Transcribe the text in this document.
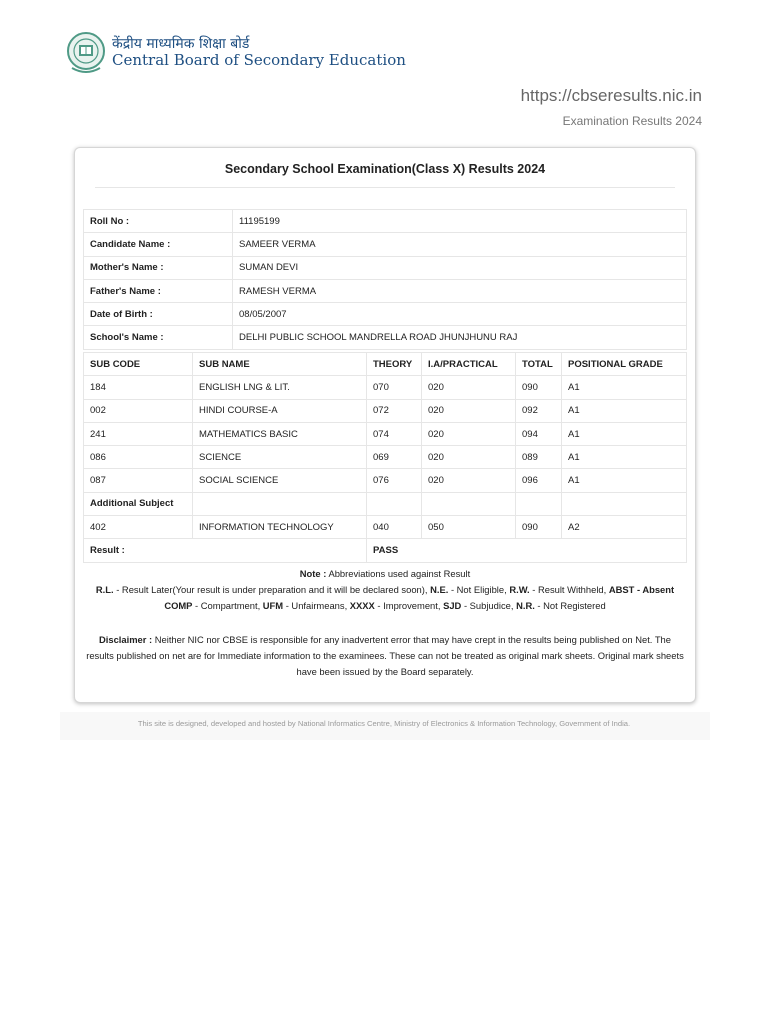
केंद्रीय माध्यमिक शिक्षा बोर्ड
Central Board of Secondary Education
https://cbseresults.nic.in
Examination Results 2024
Secondary School Examination(Class X) Results 2024
Roll No :	11195199
Candidate Name :	SAMEER VERMA
Mother's Name :	SUMAN DEVI
Father's Name :	RAMESH VERMA
Date of Birth :	08/05/2007
School's Name :	DELHI PUBLIC SCHOOL MANDRELLA ROAD JHUNJHUNU RAJ
SUB CODE	SUB NAME	THEORY	I.A/PRACTICAL	TOTAL	POSITIONAL GRADE
184	ENGLISH LNG & LIT.	070	020	090	A1
002	HINDI COURSE-A	072	020	092	A1
241	MATHEMATICS BASIC	074	020	094	A1
086	SCIENCE	069	020	089	A1
087	SOCIAL SCIENCE	076	020	096	A1
Additional Subject					
402	INFORMATION TECHNOLOGY	040	050	090	A2
Result :		PASS			
Note : Abbreviations used against Result
R.L. - Result Later(Your result is under preparation and it will be declared soon), N.E. - Not Eligible, R.W. - Result Withheld, ABST - Absent COMP - Compartment, UFM - Unfairmeans, XXXX - Improvement, SJD - Subjudice, N.R. - Not Registered
Disclaimer : Neither NIC nor CBSE is responsible for any inadvertent error that may have crept in the results being published on Net. The results published on net are for Immediate information to the examinees. These can not be treated as original mark sheets. Original mark sheets have been issued by the Board separately.
This site is designed, developed and hosted by National Informatics Centre, Ministry of Electronics & Information Technology, Government of India.
